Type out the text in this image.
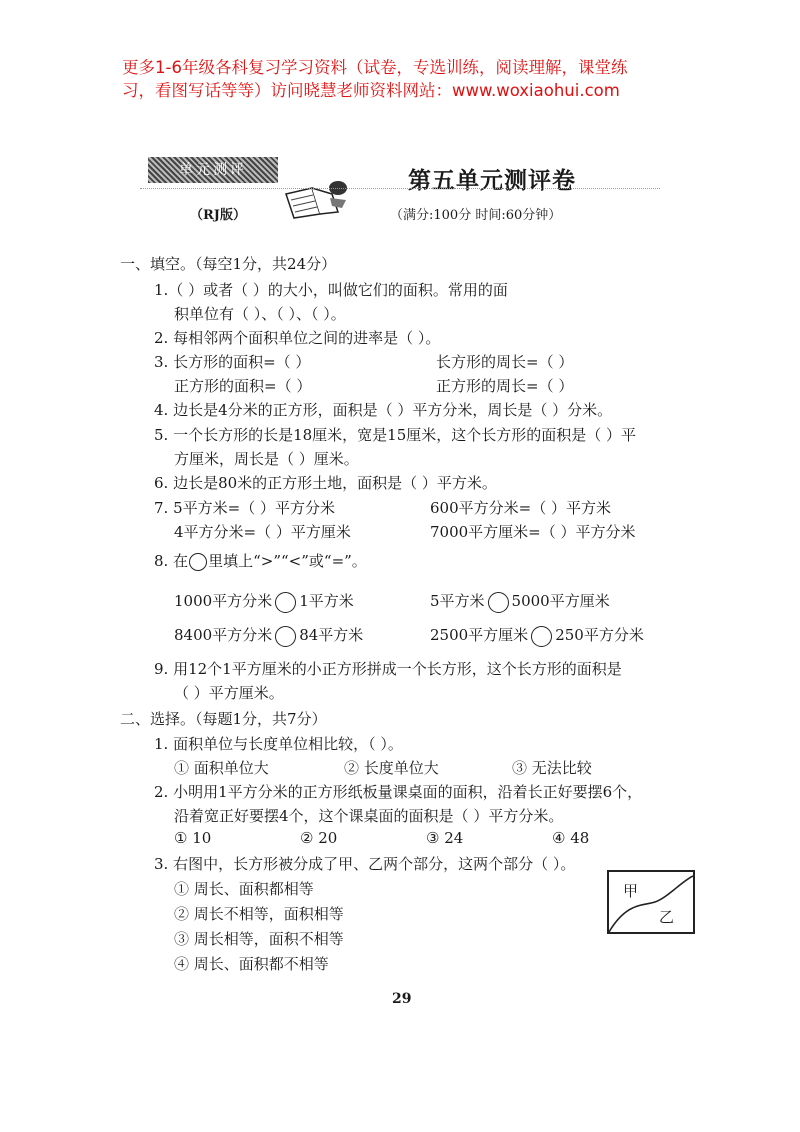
更多1-6年级各科复习学习资料（试卷，专选训练，阅读理解，课堂练
习，看图写话等等）访问晓慧老师资料网站：www.woxiaohui.com
单元测评	第五单元测评卷
（RJ版）	（满分:100分 时间:60分钟）
一、填空。（每空1分，共24分）
1.（ ）或者（ ）的大小，叫做它们的面积。常用的面
积单位有（ ）、（ ）、（ ）。
2. 每相邻两个面积单位之间的进率是（ ）。
3. 长方形的面积=（ ）	长方形的周长=（ ）
正方形的面积=（ ）	正方形的周长=（ ）
4. 边长是4分米的正方形，面积是（ ）平方分米，周长是（ ）分米。
5. 一个长方形的长是18厘米，宽是15厘米，这个长方形的面积是（ ）平
方厘米，周长是（ ）厘米。
6. 边长是80米的正方形土地，面积是（ ）平方米。
7. 5平方米=（ ）平方分米	600平方分米=（ ）平方米
4平方分米=（ ）平方厘米	7000平方厘米=（ ）平方分米
8. 在 里填上“>”“<”或“=”。
1000平方分米 1平方米	5平方米 5000平方厘米
8400平方分米 84平方米	2500平方厘米 250平方分米
9. 用12个1平方厘米的小正方形拼成一个长方形，这个长方形的面积是
（ ）平方厘米。
二、选择。（每题1分，共7分）
1. 面积单位与长度单位相比较，（ ）。
① 面积单位大	② 长度单位大	③ 无法比较
2. 小明用1平方分米的正方形纸板量课桌面的面积，沿着长正好要摆6个，
沿着宽正好要摆4个，这个课桌面的面积是（ ）平方分米。
① 10	② 20	③ 24	④ 48
3. 右图中，长方形被分成了甲、乙两个部分，这两个部分（ ）。
① 周长、面积都相等
② 周长不相等，面积相等
③ 周长相等，面积不相等
④ 周长、面积都不相等
甲
乙
29
